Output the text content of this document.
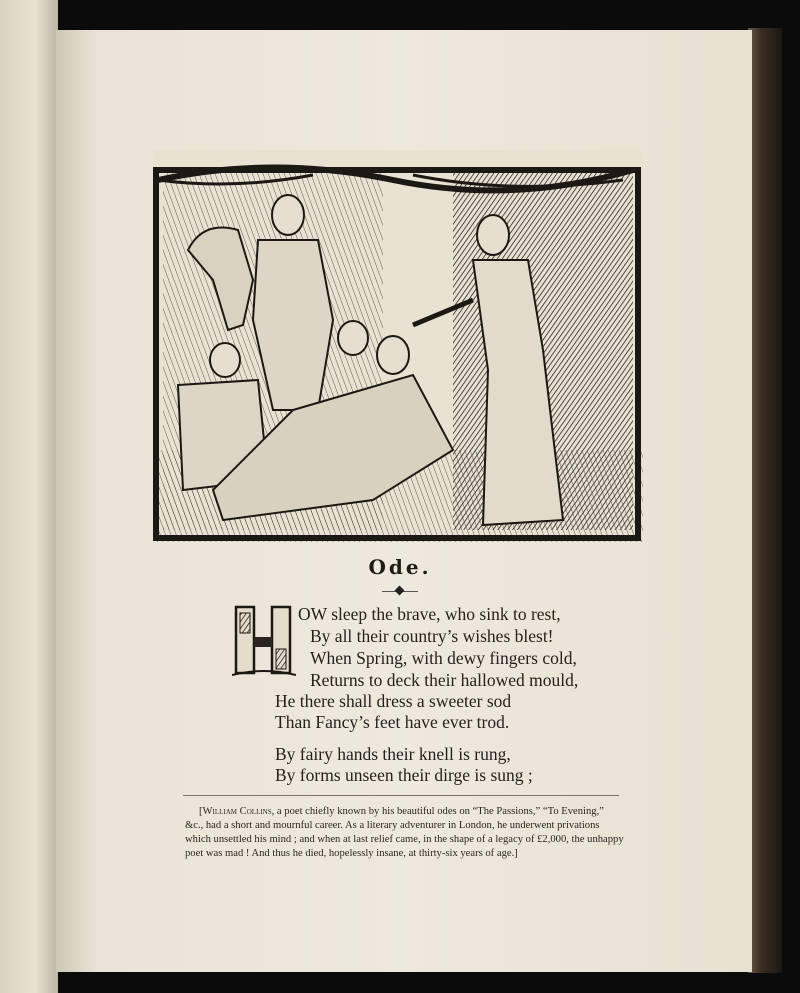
Ode.
OW sleep the brave, who sink to rest,
By all their country’s wishes blest!
When Spring, with dewy fingers cold,
Returns to deck their hallowed mould,
He there shall dress a sweeter sod
Than Fancy’s feet have ever trod.
By fairy hands their knell is rung,
By forms unseen their dirge is sung ;
[William Collins, a poet chiefly known by his beautiful odes on “The Passions,” “To Evening,”
&c., had a short and mournful career. As a literary adventurer in London, he underwent privations
which unsettled his mind ; and when at last relief came, in the shape of a legacy of £2,000, the unhappy
poet was mad ! And thus he died, hopelessly insane, at thirty-six years of age.]
